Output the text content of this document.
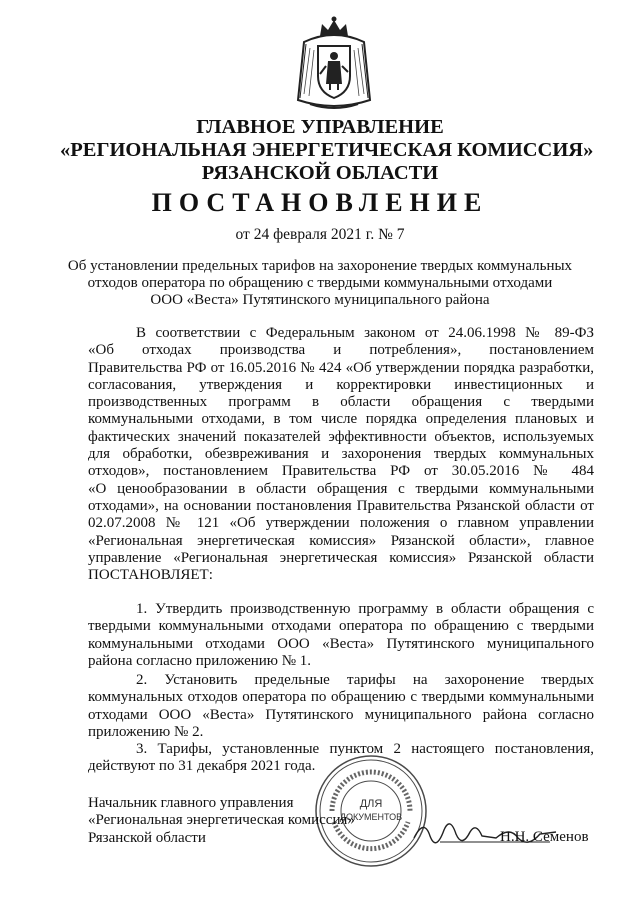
ГЛАВНОЕ УПРАВЛЕНИЕ
«РЕГИОНАЛЬНАЯ ЭНЕРГЕТИЧЕСКАЯ КОМИССИЯ»
РЯЗАНСКОЙ ОБЛАСТИ
ПОСТАНОВЛЕНИЕ
от 24 февраля 2021 г. № 7
Об установлении предельных тарифов на захоронение твердых коммунальных
отходов оператора по обращению с твердыми коммунальными отходами
ООО «Веста» Путятинского муниципального района
В соответствии с Федеральным законом от 24.06.1998 № 89-ФЗ
«Об отходах производства и потребления», постановлением
Правительства РФ от 16.05.2016 № 424 «Об утверждении порядка разработки,
согласования, утверждения и корректировки инвестиционных и
производственных программ в области обращения с твердыми
коммунальными отходами, в том числе порядка определения плановых и
фактических значений показателей эффективности объектов, используемых
для обработки, обезвреживания и захоронения твердых коммунальных
отходов», постановлением Правительства РФ от 30.05.2016 № 484
«О ценообразовании в области обращения с твердыми коммунальными
отходами», на основании постановления Правительства Рязанской области от
02.07.2008 № 121 «Об утверждении положения о главном управлении
«Региональная энергетическая комиссия» Рязанской области», главное
управление «Региональная энергетическая комиссия» Рязанской области
ПОСТАНОВЛЯЕТ:
1. Утвердить производственную программу в области обращения с
твердыми коммунальными отходами оператора по обращению с твердыми
коммунальными отходами ООО «Веста» Путятинского муниципального
района согласно приложению № 1.
2. Установить предельные тарифы на захоронение твердых
коммунальных отходов оператора по обращению с твердыми коммунальными
отходами ООО «Веста» Путятинского муниципального района согласно
приложению № 2.
3. Тарифы, установленные пунктом 2 настоящего постановления,
действуют по 31 декабря 2021 года.
ДЛЯ
ДОКУМЕНТОВ
Начальник главного управления
«Региональная энергетическая комиссия»
Рязанской области	Н.Н. Семенов
